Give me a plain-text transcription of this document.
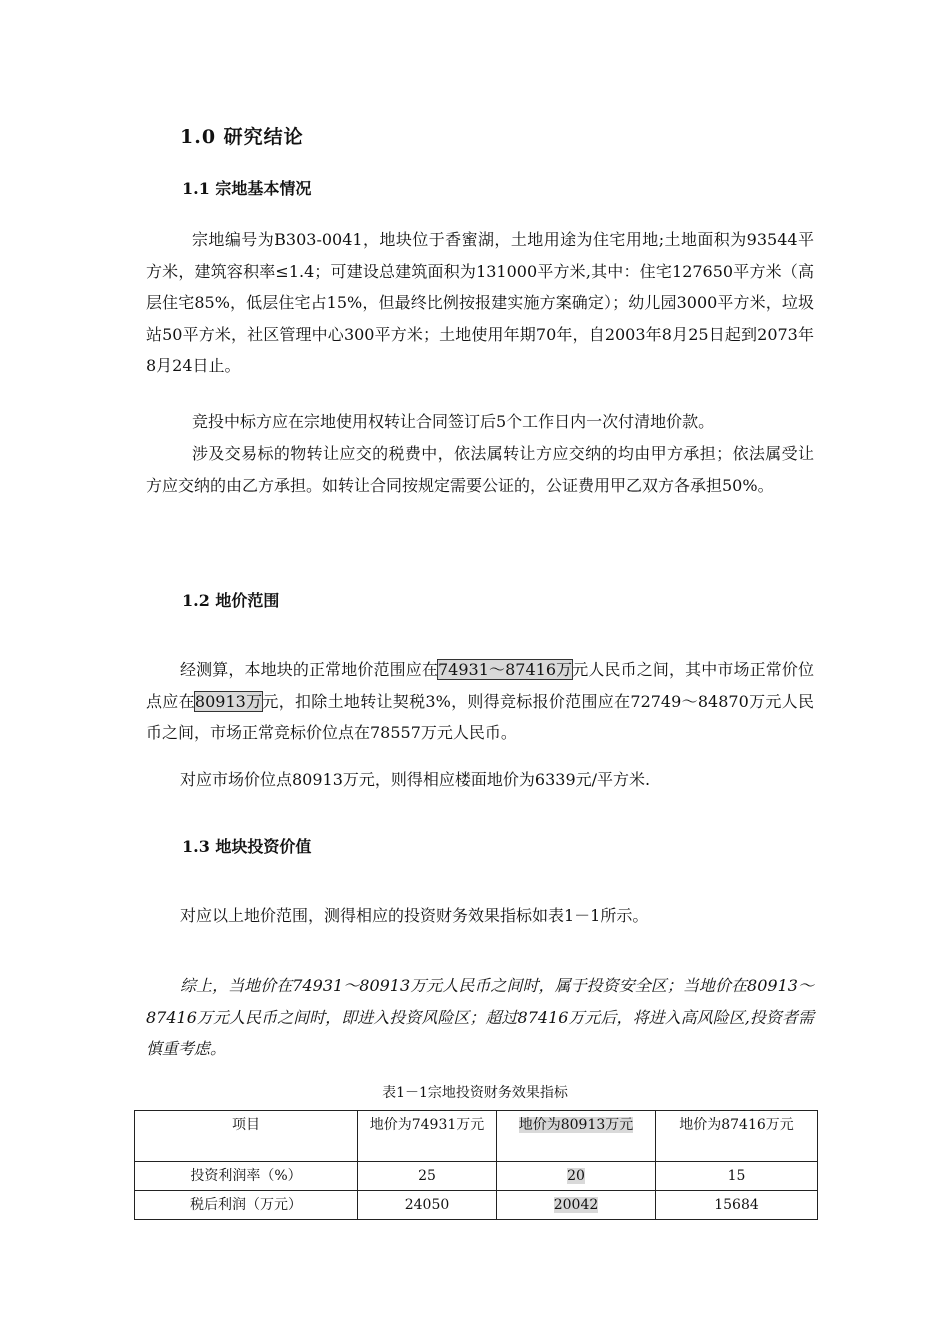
1.0 研究结论
1.1 宗地基本情况

宗地编号为B303-0041，地块位于香蜜湖，土地用途为住宅用地;土地面积为93544平方米，建筑容积率≤1.4；可建设总建筑面积为131000平方米,其中：住宅127650平方米（高层住宅85%，低层住宅占15%，但最终比例按报建实施方案确定）；幼儿园3000平方米，垃圾站50平方米，社区管理中心300平方米；土地使用年期70年，自2003年8月25日起到2073年8月24日止。

竞投中标方应在宗地使用权转让合同签订后5个工作日内一次付清地价款。

涉及交易标的物转让应交的税费中，依法属转让方应交纳的均由甲方承担；依法属受让方应交纳的由乙方承担。如转让合同按规定需要公证的，公证费用甲乙双方各承担50%。

1.2 地价范围

经测算，本地块的正常地价范围应在74931～87416万元人民币之间，其中市场正常价位点应在80913万元，扣除土地转让契税3%，则得竞标报价范围应在72749～84870万元人民币之间，市场正常竞标价位点在78557万元人民币。

对应市场价位点80913万元，则得相应楼面地价为6339元/平方米.

1.3 地块投资价值

对应以上地价范围，测得相应的投资财务效果指标如表1－1所示。

综上，当地价在74931～80913万元人民币之间时，属于投资安全区；当地价在80913～87416万元人民币之间时，即进入投资风险区；超过87416万元后，将进入高风险区,投资者需慎重考虑。

表1－1宗地投资财务效果指标
项目	地价为74931万元	地价为80913万元	地价为87416万元
投资利润率（%）	25	20	15
税后利润（万元）	24050	20042	15684
